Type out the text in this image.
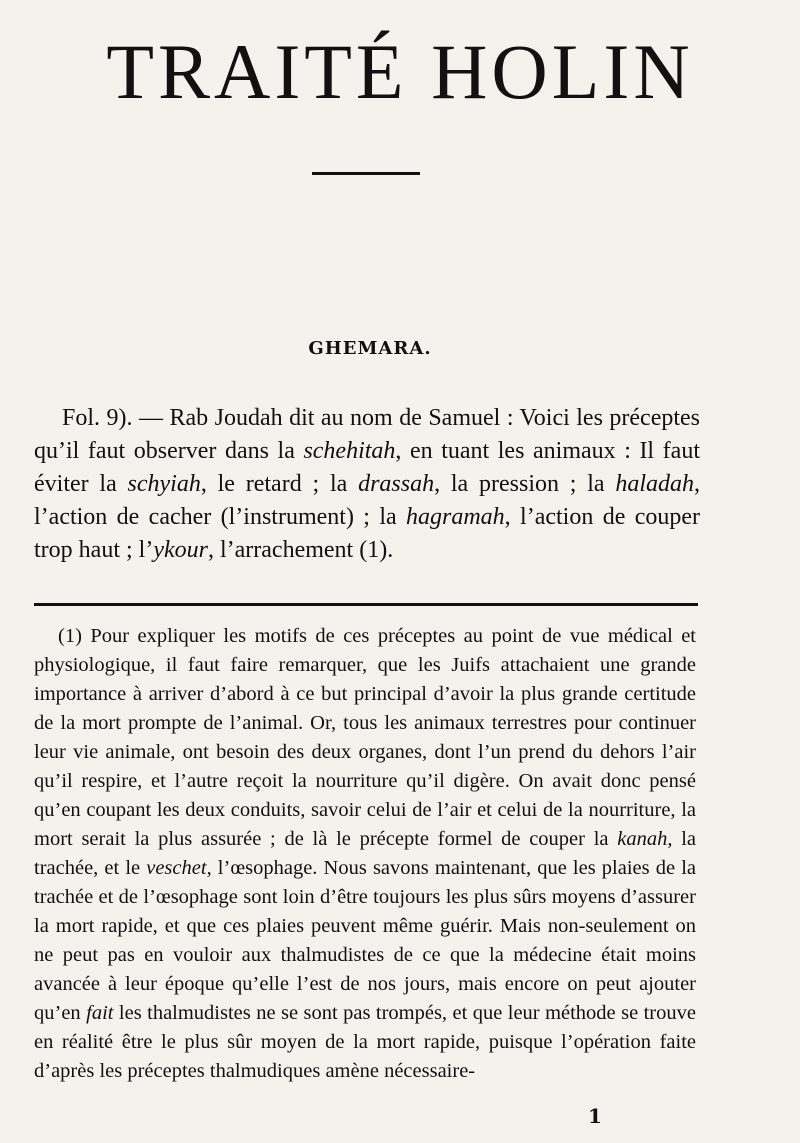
TRAITÉ HOLIN
GHEMARA.

Fol. 9). — Rab Joudah dit au nom de Samuel : Voici les préceptes qu’il faut observer dans la schehitah, en tuant les animaux : Il faut éviter la schyiah, le retard ; la drassah, la pression ; la haladah, l’action de cacher (l’instrument) ; la hagramah, l’action de couper trop haut ; l’ykour, l’arrachement (1).

(1) Pour expliquer les motifs de ces préceptes au point de vue médical et physiologique, il faut faire remarquer, que les Juifs attachaient une grande importance à arriver d’abord à ce but principal d’avoir la plus grande certitude de la mort prompte de l’animal. Or, tous les animaux terrestres pour continuer leur vie animale, ont besoin des deux organes, dont l’un prend du dehors l’air qu’il respire, et l’autre reçoit la nourriture qu’il digère. On avait donc pensé qu’en coupant les deux conduits, savoir celui de l’air et celui de la nourriture, la mort serait la plus assurée ; de là le précepte formel de couper la kanah, la trachée, et le veschet, l’œsophage. Nous savons maintenant, que les plaies de la trachée et de l’œsophage sont loin d’être toujours les plus sûrs moyens d’assurer la mort rapide, et que ces plaies peuvent même guérir. Mais non-seulement on ne peut pas en vouloir aux thalmudistes de ce que la médecine était moins avancée à leur époque qu’elle l’est de nos jours, mais encore on peut ajouter qu’en fait les thalmudistes ne se sont pas trompés, et que leur méthode se trouve en réalité être le plus sûr moyen de la mort rapide, puisque l’opération faite d’après les préceptes thalmudiques amène nécessaire-

1
